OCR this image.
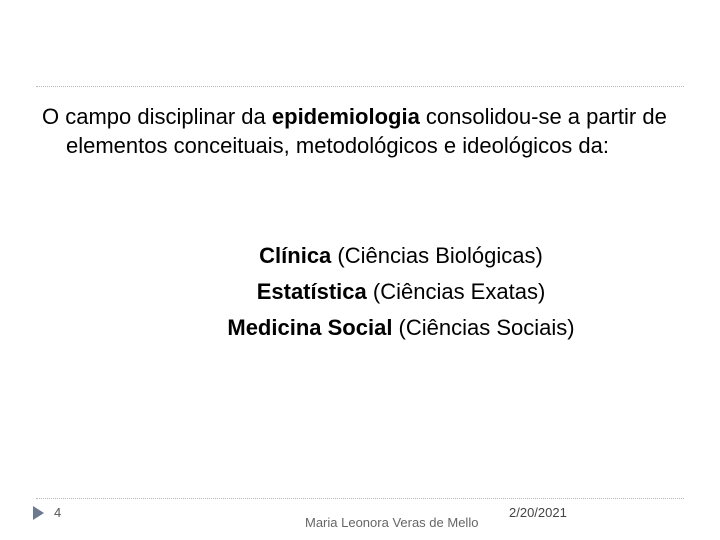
O campo disciplinar da epidemiologia consolidou-se a partir de elementos conceituais, metodológicos e ideológicos da:
Clínica (Ciências Biológicas)
Estatística (Ciências Exatas)
Medicina Social (Ciências Sociais)
4
Maria Leonora Veras de Mello
2/20/2021
